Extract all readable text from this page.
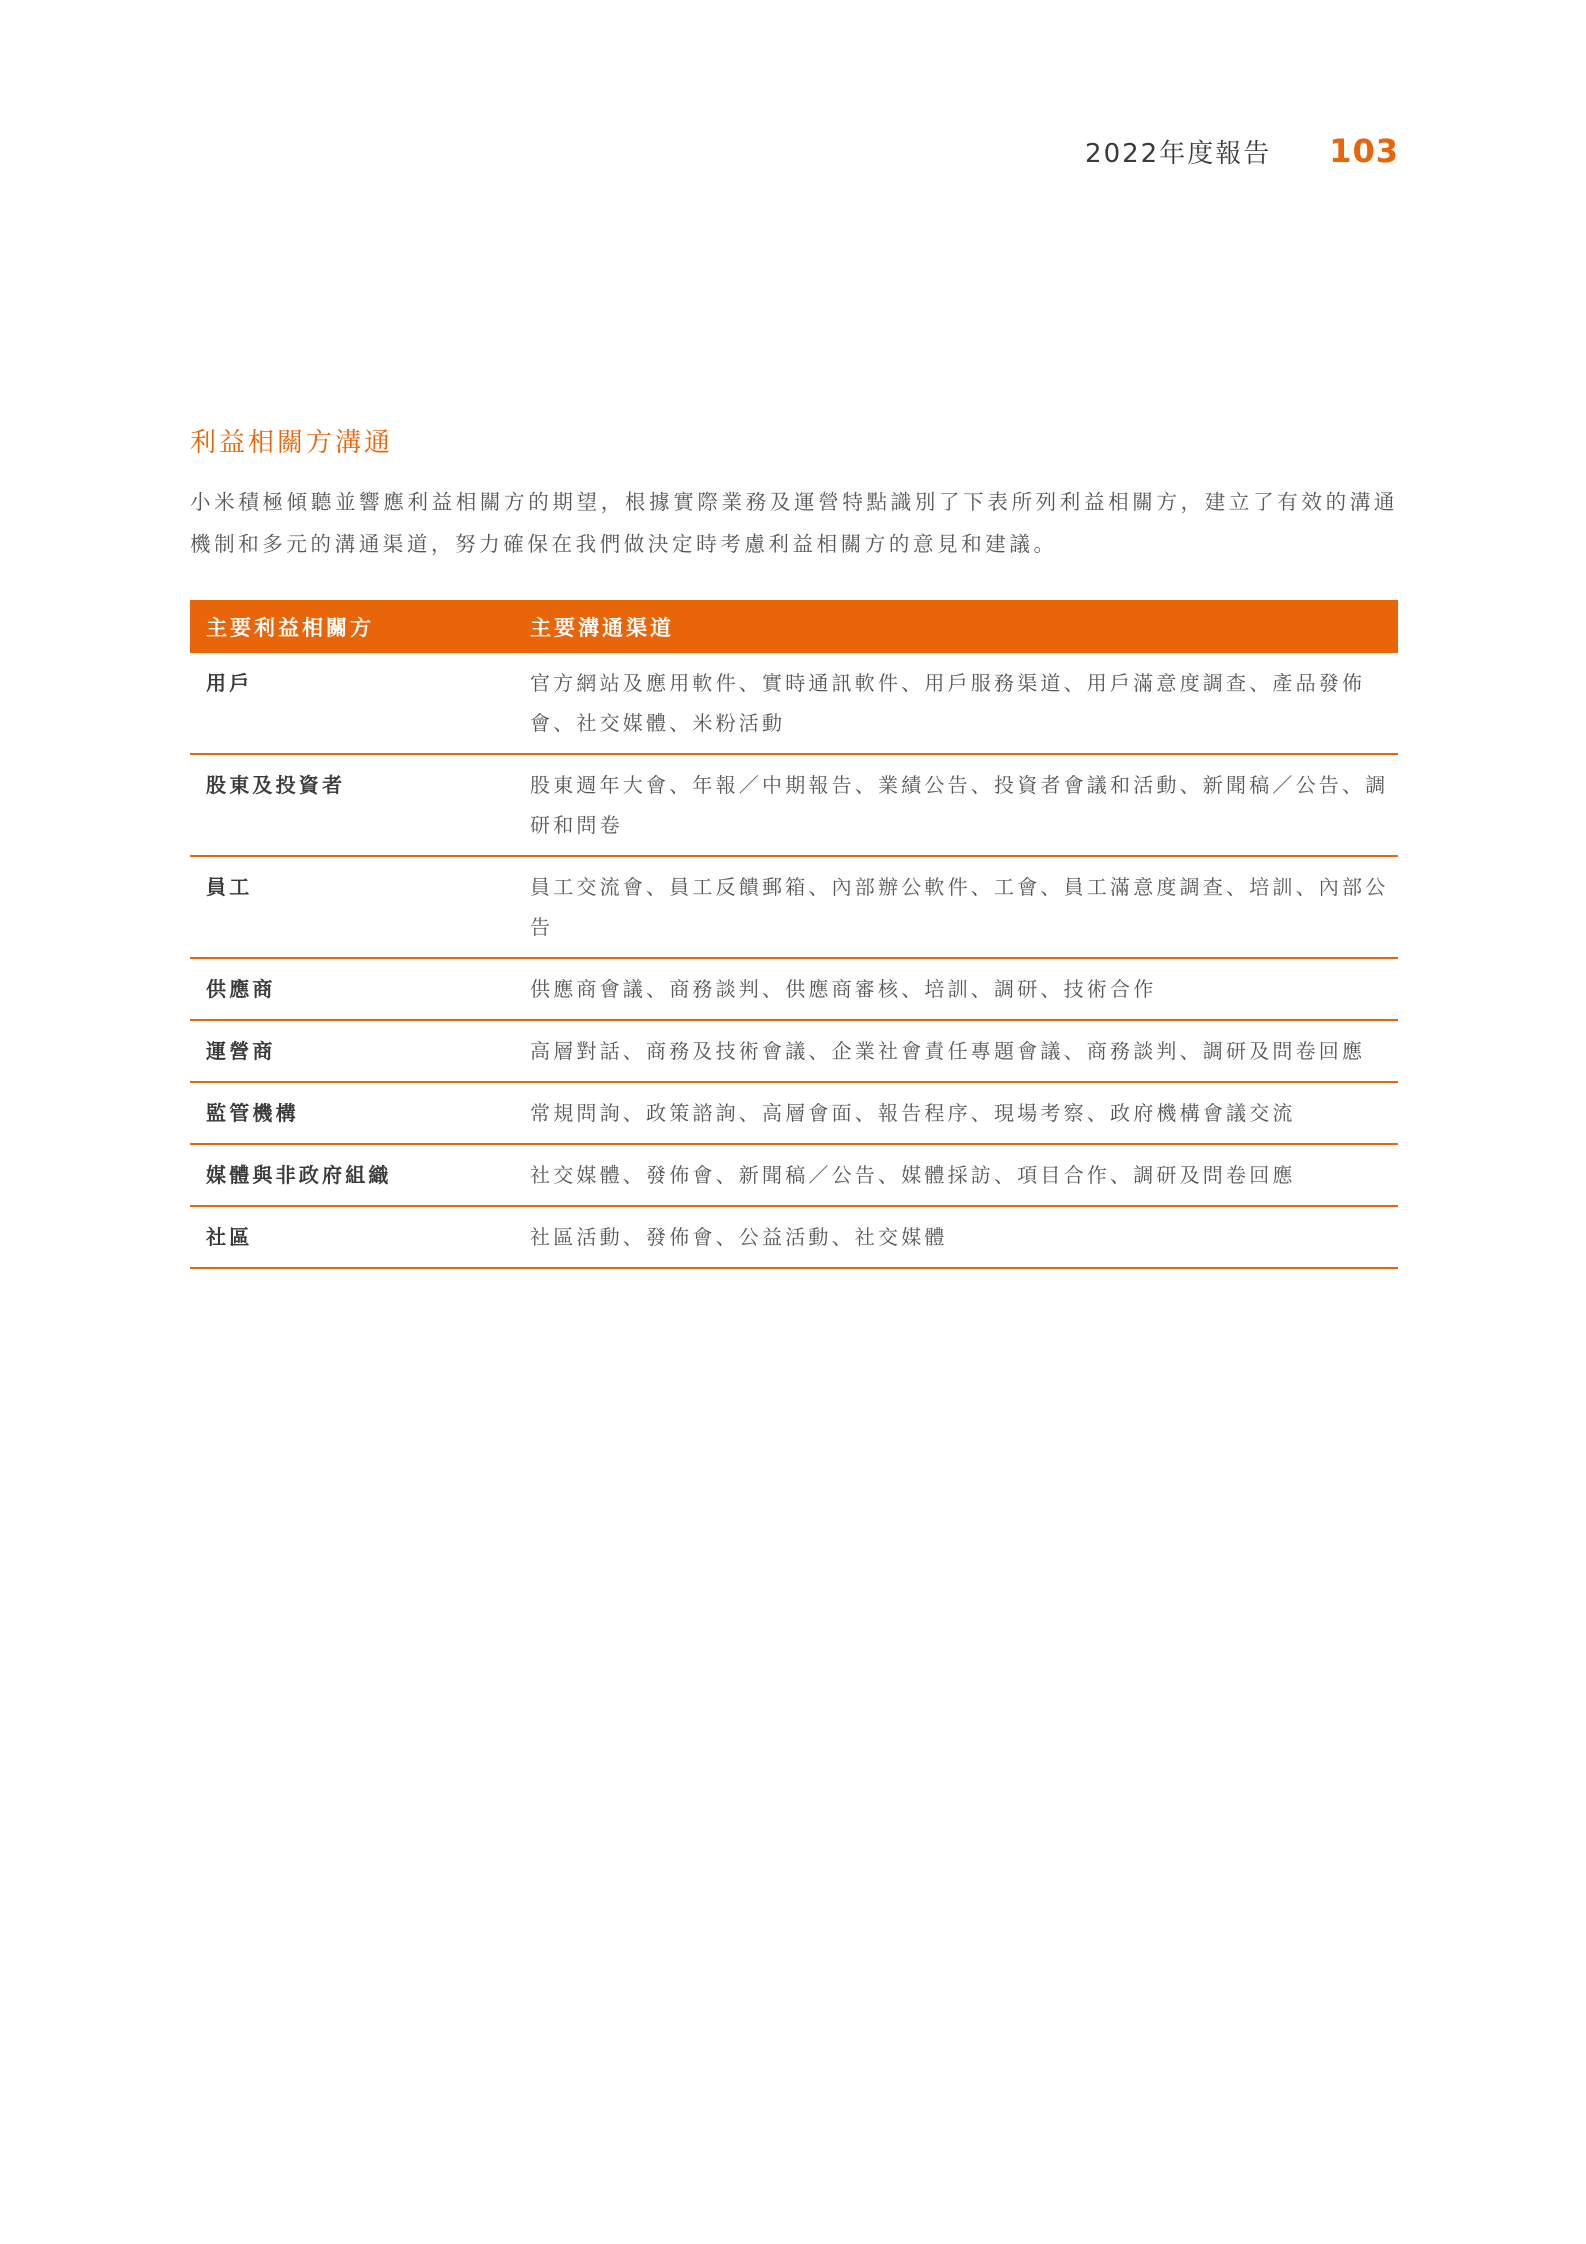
2022年度報告 103
利益相關方溝通

小米積極傾聽並響應利益相關方的期望，根據實際業務及運營特點識別了下表所列利益相關方，建立了有效的溝通機制和多元的溝通渠道，努力確保在我們做決定時考慮利益相關方的意見和建議。

主要利益相關方	主要溝通渠道
用戶	官方網站及應用軟件、實時通訊軟件、用戶服務渠道、用戶滿意度調查、產品發佈會、社交媒體、米粉活動
股東及投資者	股東週年大會、年報／中期報告、業績公告、投資者會議和活動、新聞稿／公告、調研和問卷
員工	員工交流會、員工反饋郵箱、內部辦公軟件、工會、員工滿意度調查、培訓、內部公告
供應商	供應商會議、商務談判、供應商審核、培訓、調研、技術合作
運營商	高層對話、商務及技術會議、企業社會責任專題會議、商務談判、調研及問卷回應
監管機構	常規問詢、政策諮詢、高層會面、報告程序、現場考察、政府機構會議交流
媒體與非政府組織	社交媒體、發佈會、新聞稿／公告、媒體採訪、項目合作、調研及問卷回應
社區	社區活動、發佈會、公益活動、社交媒體
